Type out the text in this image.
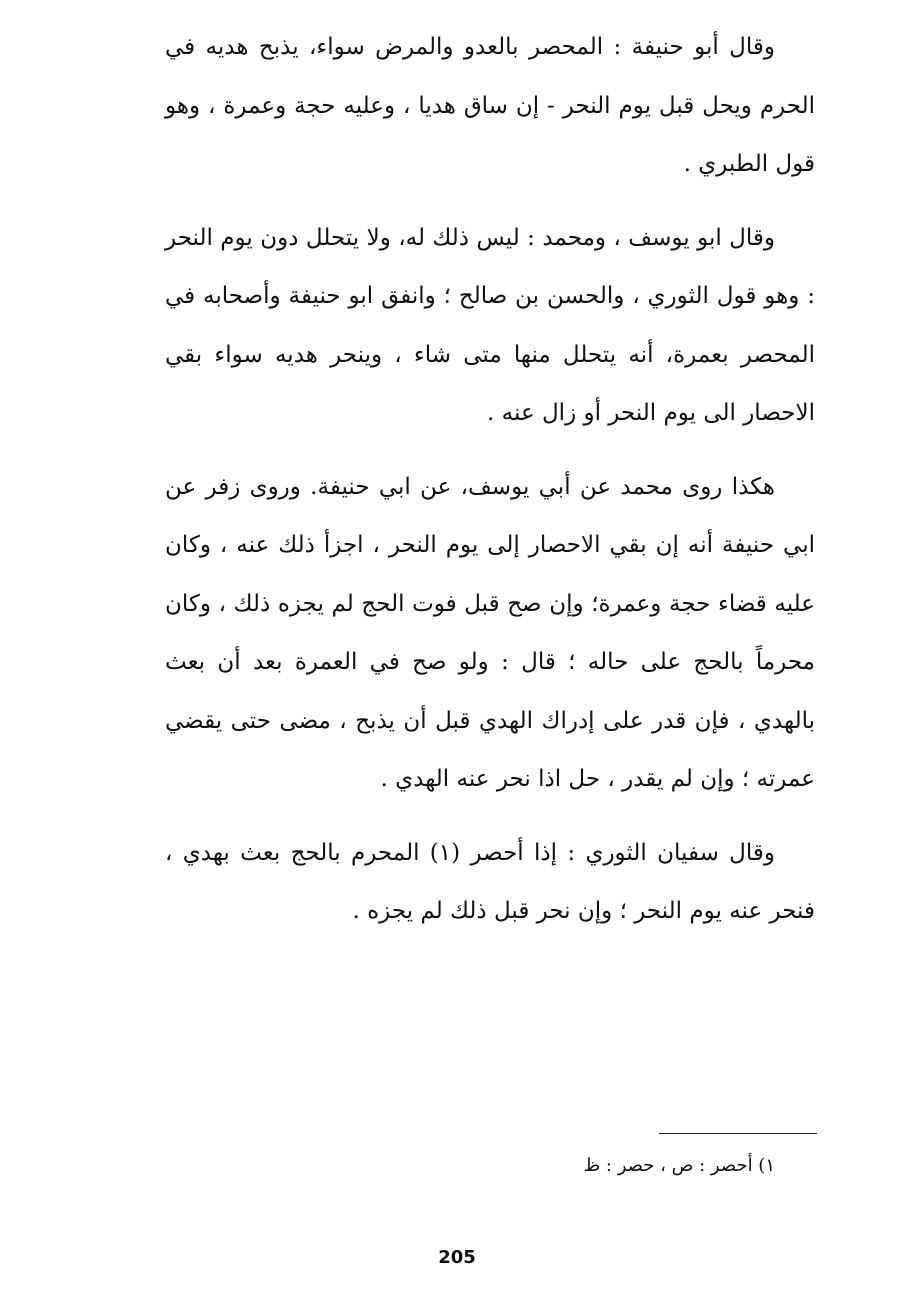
وقال أبو حنيفة : المحصر بالعدو والمرض سواء، يذبح هديه في الحرم ويحل قبل يوم النحر - إن ساق هديا ، وعليه حجة وعمرة ، وهو قول الطبري .

وقال ابو يوسف ، ومحمد : ليس ذلك له، ولا يتحلل دون يوم النحر : وهو قول الثوري ، والحسن بن صالح ؛ وانفق ابو حنيفة وأصحابه في المحصر بعمرة، أنه يتحلل منها متى شاء ، وينحر هديه سواء بقي الاحصار الى يوم النحر أو زال عنه .

هكذا روى محمد عن أبي يوسف، عن ابي حنيفة. وروى زفر عن ابي حنيفة أنه إن بقي الاحصار إلى يوم النحر ، اجزأ ذلك عنه ، وكان عليه قضاء حجة وعمرة؛ وإن صح قبل فوت الحج لم يجزه ذلك ، وكان محرماً بالحج على حاله ؛ قال : ولو صح في العمرة بعد أن بعث بالهدي ، فإن قدر على إدراك الهدي قبل أن يذبح ، مضى حتى يقضي عمرته ؛ وإن لم يقدر ، حل اذا نحر عنه الهدي .

وقال سفيان الثوري : إذا أحصر (١) المحرم بالحج بعث بهدي ، فنحر عنه يوم النحر ؛ وإن نحر قبل ذلك لم يجزه .

١) أحصر : ص ، حصر : ظ
205
